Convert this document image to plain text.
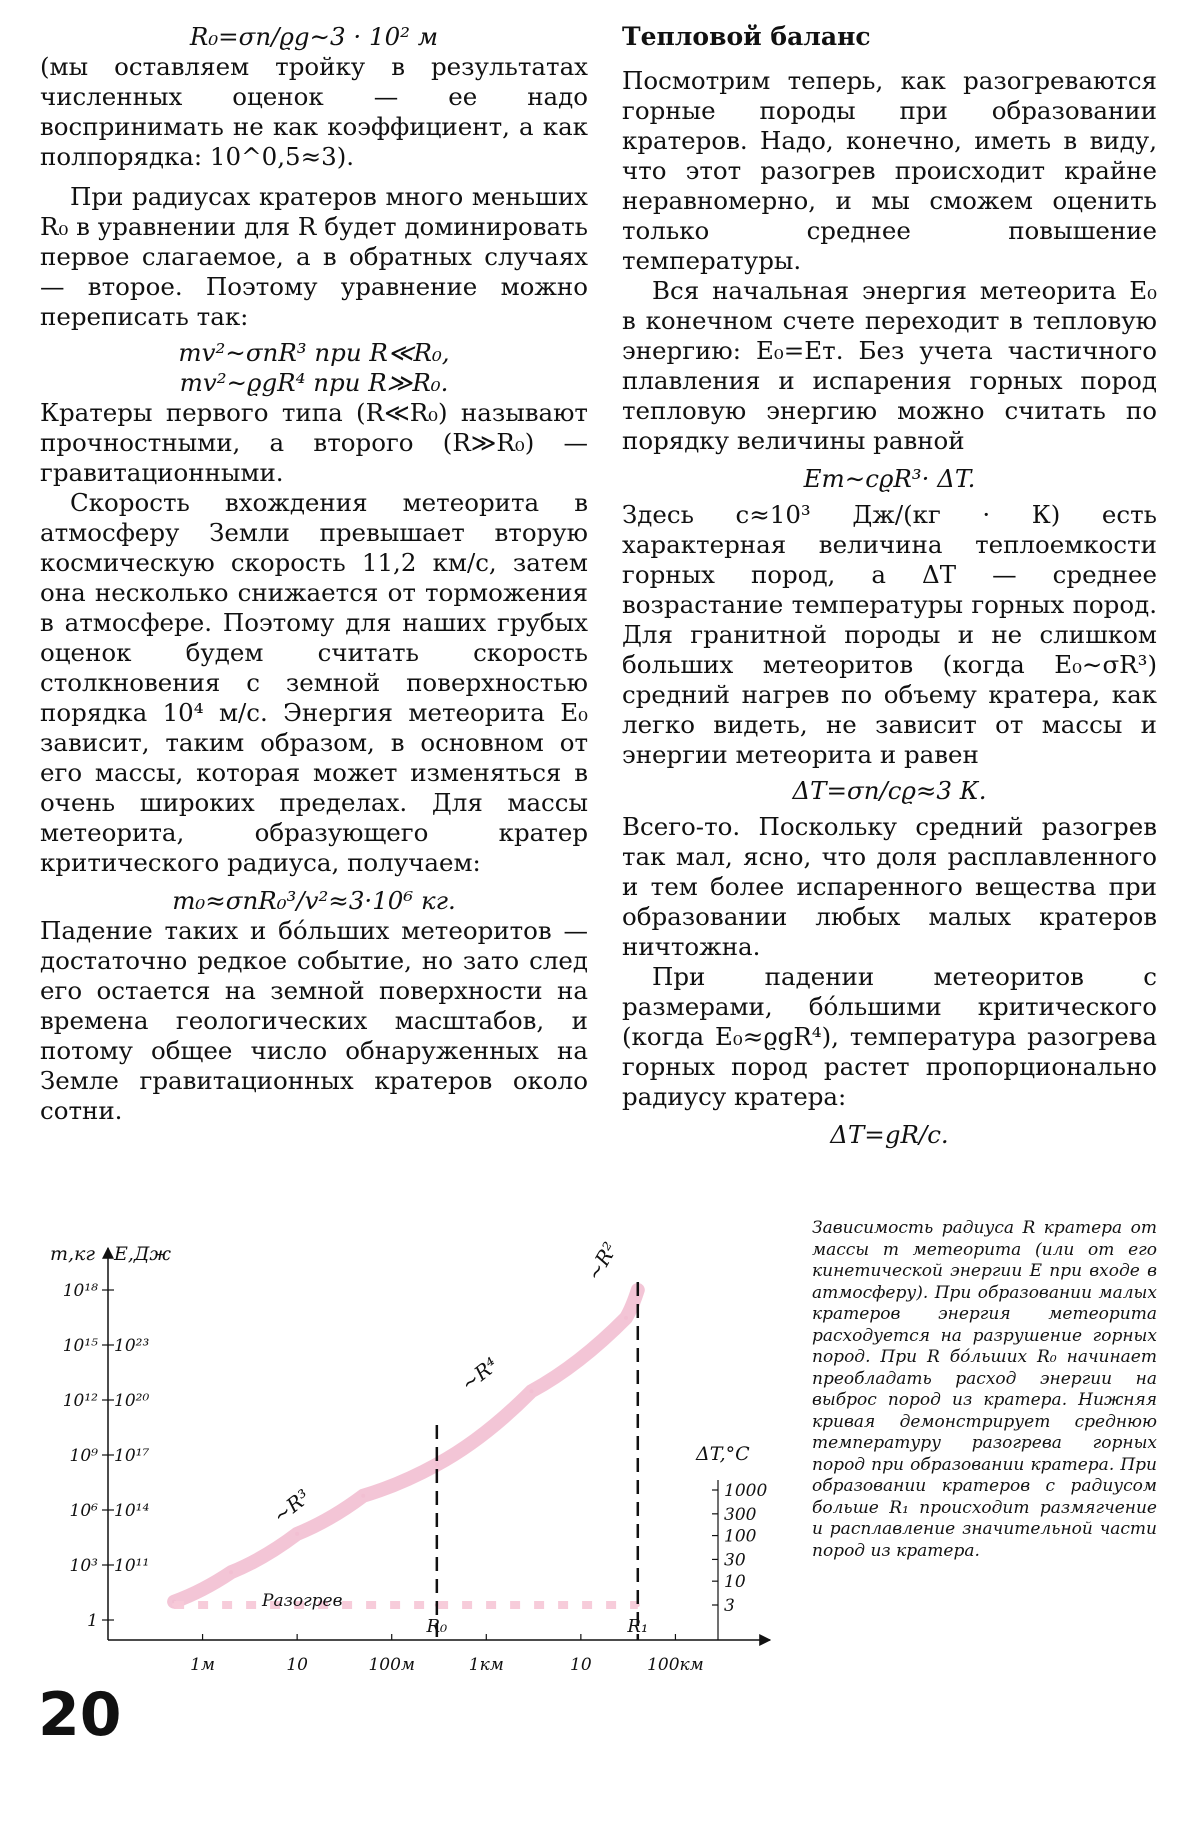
R₀=σп/ϱg∼3 · 10² м

(мы оставляем тройку в результатах численных оценок — ее надо воспринимать не как коэффициент, а как полпорядка: 10^0,5≈3).

При радиусах кратеров много меньших R₀ в уравнении для R будет доминировать первое слагаемое, а в обратных случаях — второе. Поэтому уравнение можно переписать так:

mv²∼σпR³ при R≪R₀,

mv²∼ϱgR⁴ при R≫R₀.

Кратеры первого типа (R≪R₀) называют прочностными, а второго (R≫R₀) — гравитационными.

Скорость вхождения метеорита в атмосферу Земли превышает вторую космическую скорость 11,2 км/с, затем она несколько снижается от торможения в атмосфере. Поэтому для наших грубых оценок будем считать скорость столкновения с земной поверхностью порядка 10⁴ м/с. Энергия метеорита E₀ зависит, таким образом, в основном от его массы, которая может изменяться в очень широких пределах. Для массы метеорита, образующего кратер критического радиуса, получаем:

m₀≈σпR₀³/v²≈3·10⁶ кг.

Падение таких и бо́льших метеоритов — достаточно редкое событие, но зато след его остается на земной поверхности на времена геологических масштабов, и потому общее число обнаруженных на Земле гравитационных кратеров около сотни.

Тепловой баланс

Посмотрим теперь, как разогреваются горные породы при образовании кратеров. Надо, конечно, иметь в виду, что этот разогрев происходит крайне неравномерно, и мы сможем оценить только среднее повышение температуры.

Вся начальная энергия метеорита E₀ в конечном счете переходит в тепловую энергию: E₀=Eт. Без учета частичного плавления и испарения горных пород тепловую энергию можно считать по порядку величины равной

Eт∼cϱR³· ΔT.

Здесь c≈10³ Дж/(кг · К) есть характерная величина теплоемкости горных пород, а ΔT — среднее возрастание температуры горных пород. Для гранитной породы и не слишком больших метеоритов (когда E₀∼σR³) средний нагрев по объему кратера, как легко видеть, не зависит от массы и энергии метеорита и равен

ΔT=σп/cϱ≈3 К.

Всего-то. Поскольку средний разогрев так мал, ясно, что доля расплавленного и тем более испаренного вещества при образовании любых малых кратеров ничтожна.

При падении метеоритов с размерами, бо́льшими критического (когда E₀≈ϱgR⁴), температура разогрева горных пород растет пропорционально радиусу кратера:

ΔT=gR/c.

10¹⁸
10¹⁵
10¹²
10⁹
10⁶
10³
1
10²³
10²⁰
10¹⁷
10¹⁴
10¹¹
1000
300
100
30
10
3
1м	10	100м	1км	10	100км
m,кг E,Дж
ΔT,°C
∼R³
∼R⁴
∼R²
Разогрев
R₀	R₁

Зависимость радиуса R кратера от массы m метеорита (или от его кинетической энергии E при входе в атмосферу). При образовании малых кратеров энергия метеорита расходуется на разрушение горных пород. При R бо́льших R₀ начинает преобладать расход энергии на выброс пород из кратера. Нижняя кривая демонстрирует среднюю температуру разогрева горных пород при образовании кратера. При образовании кратеров с радиусом больше R₁ происходит размягчение и расплавление значительной части пород из кратера.

20
